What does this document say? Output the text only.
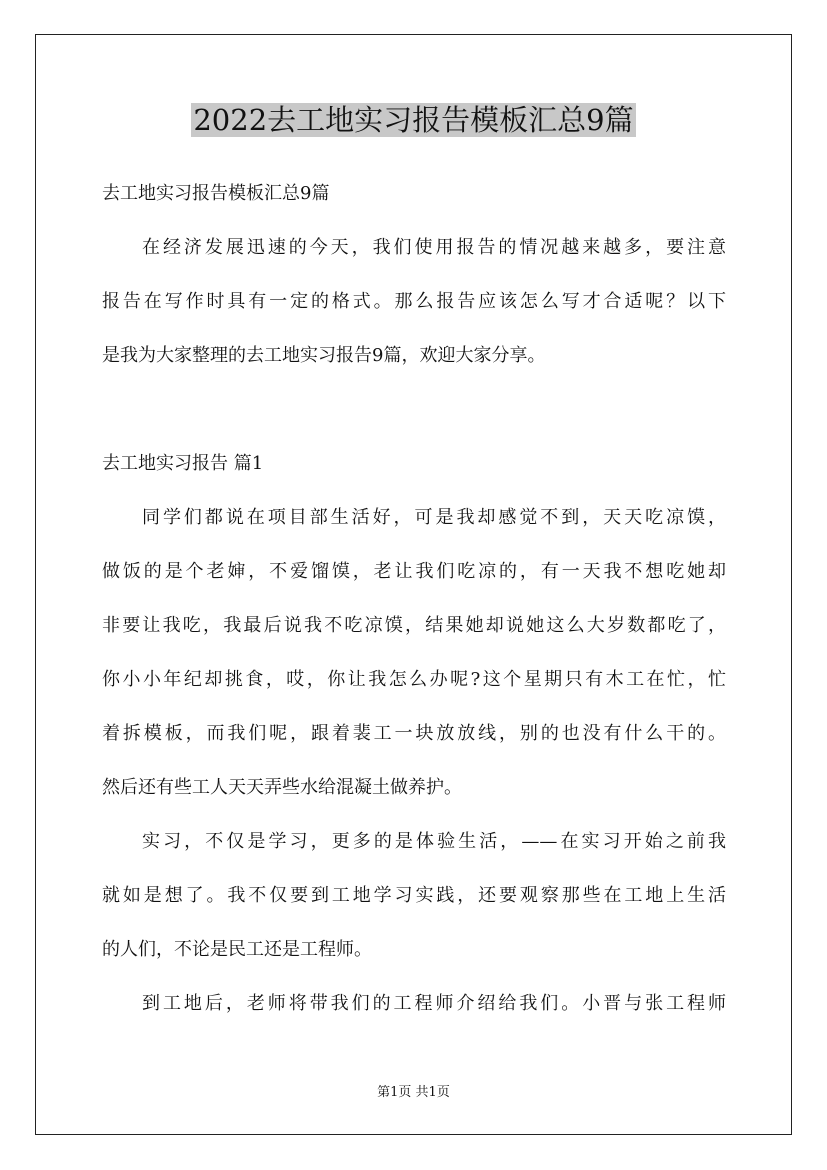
2022去工地实习报告模板汇总9篇

去工地实习报告模板汇总9篇

在经济发展迅速的今天，我们使用报告的情况越来越多，要注意

报告在写作时具有一定的格式。那么报告应该怎么写才合适呢？以下

是我为大家整理的去工地实习报告9篇，欢迎大家分享。

去工地实习报告 篇1

同学们都说在项目部生活好，可是我却感觉不到，天天吃凉馍，

做饭的是个老婶，不爱馏馍，老让我们吃凉的，有一天我不想吃她却

非要让我吃，我最后说我不吃凉馍，结果她却说她这么大岁数都吃了，

你小小年纪却挑食，哎，你让我怎么办呢?这个星期只有木工在忙，忙

着拆模板，而我们呢，跟着裴工一块放放线，别的也没有什么干的。

然后还有些工人天天弄些水给混凝土做养护。

实习，不仅是学习，更多的是体验生活，——在实习开始之前我

就如是想了。我不仅要到工地学习实践，还要观察那些在工地上生活

的人们，不论是民工还是工程师。

到工地后，老师将带我们的工程师介绍给我们。小晋与张工程师

第1页 共1页
